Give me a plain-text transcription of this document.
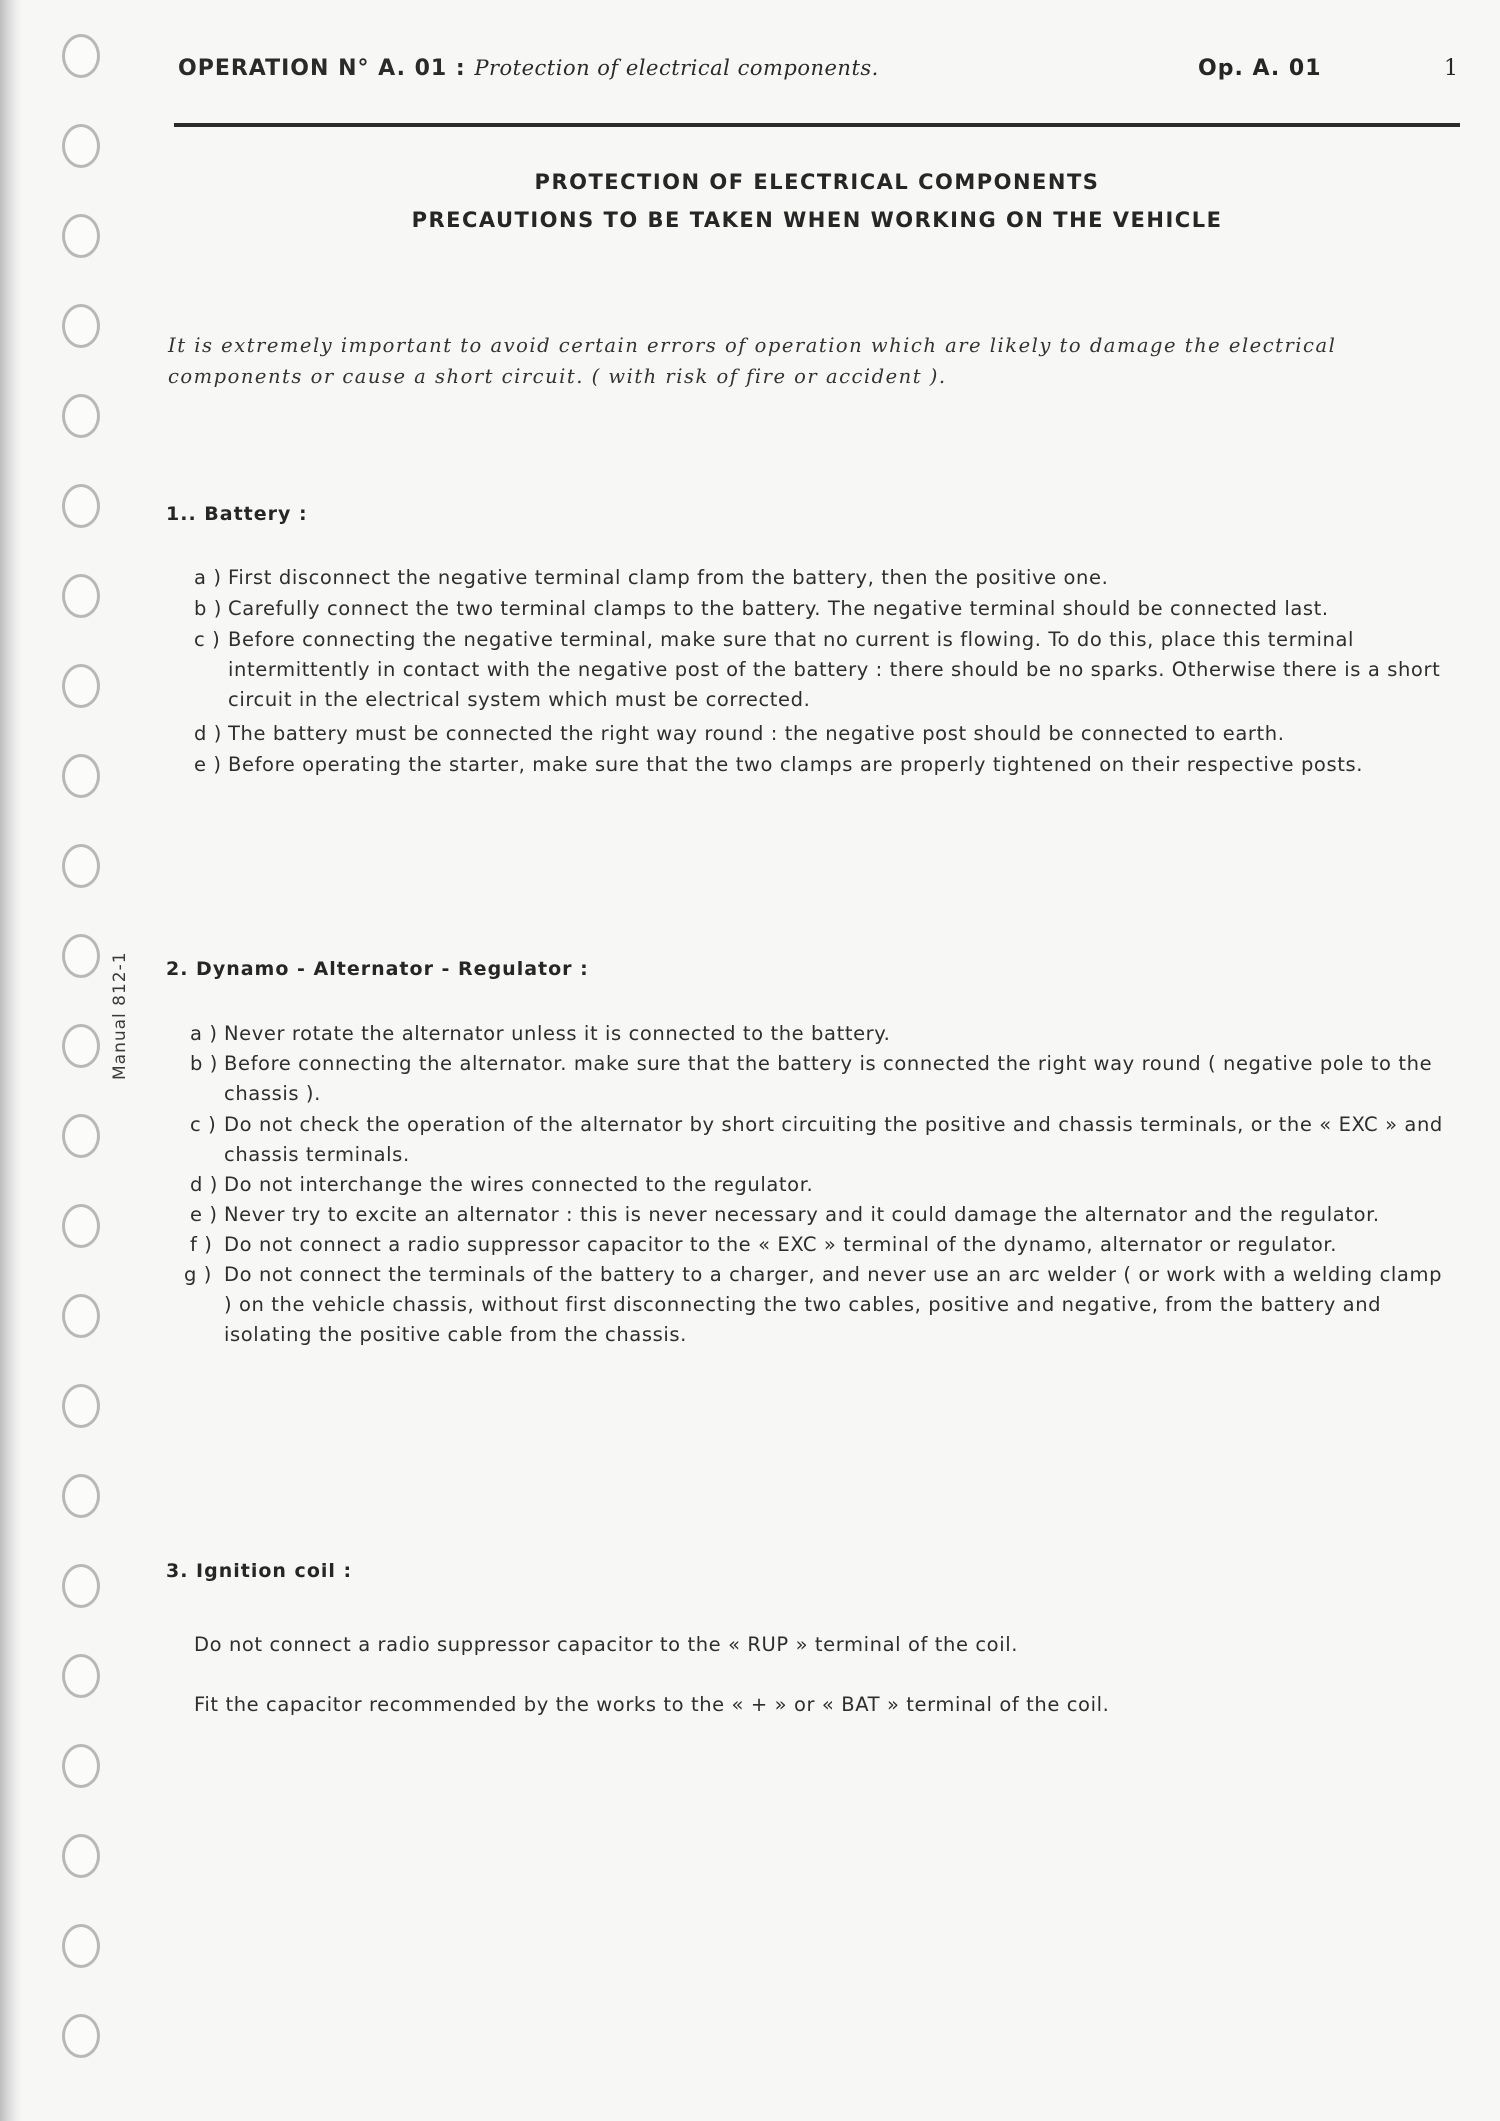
OPERATION N° A. 01 : Protection of electrical components.	Op. A. 01	1
PROTECTION OF ELECTRICAL COMPONENTS
PRECAUTIONS TO BE TAKEN WHEN WORKING ON THE VEHICLE
It is extremely important to avoid certain errors of operation which are likely to damage the electrical components or cause a short circuit. ( with risk of fire or accident ).
Manual 812-1
1.. Battery :
a ) First disconnect the negative terminal clamp from the battery, then the positive one.
b ) Carefully connect the two terminal clamps to the battery. The negative terminal should be connected last.
c ) Before connecting the negative terminal, make sure that no current is flowing. To do this, place this terminal intermittently in contact with the negative post of the battery : there should be no sparks. Otherwise there is a short circuit in the electrical system which must be corrected.
d ) The battery must be connected the right way round : the negative post should be connected to earth.
e ) Before operating the starter, make sure that the two clamps are properly tightened on their respective posts.
2. Dynamo - Alternator - Regulator :
a ) Never rotate the alternator unless it is connected to the battery.
b ) Before connecting the alternator. make sure that the battery is connected the right way round ( negative pole to the chassis ).
c ) Do not check the operation of the alternator by short circuiting the positive and chassis terminals, or the « EXC » and chassis terminals.
d ) Do not interchange the wires connected to the regulator.
e ) Never try to excite an alternator : this is never necessary and it could damage the alternator and the regulator.
f ) Do not connect a radio suppressor capacitor to the « EXC » terminal of the dynamo, alternator or regulator.
g ) Do not connect the terminals of the battery to a charger, and never use an arc welder ( or work with a welding clamp ) on the vehicle chassis, without first disconnecting the two cables, positive and negative, from the battery and isolating the positive cable from the chassis.
3. Ignition coil :
Do not connect a radio suppressor capacitor to the « RUP » terminal of the coil.
Fit the capacitor recommended by the works to the « + » or « BAT » terminal of the coil.
